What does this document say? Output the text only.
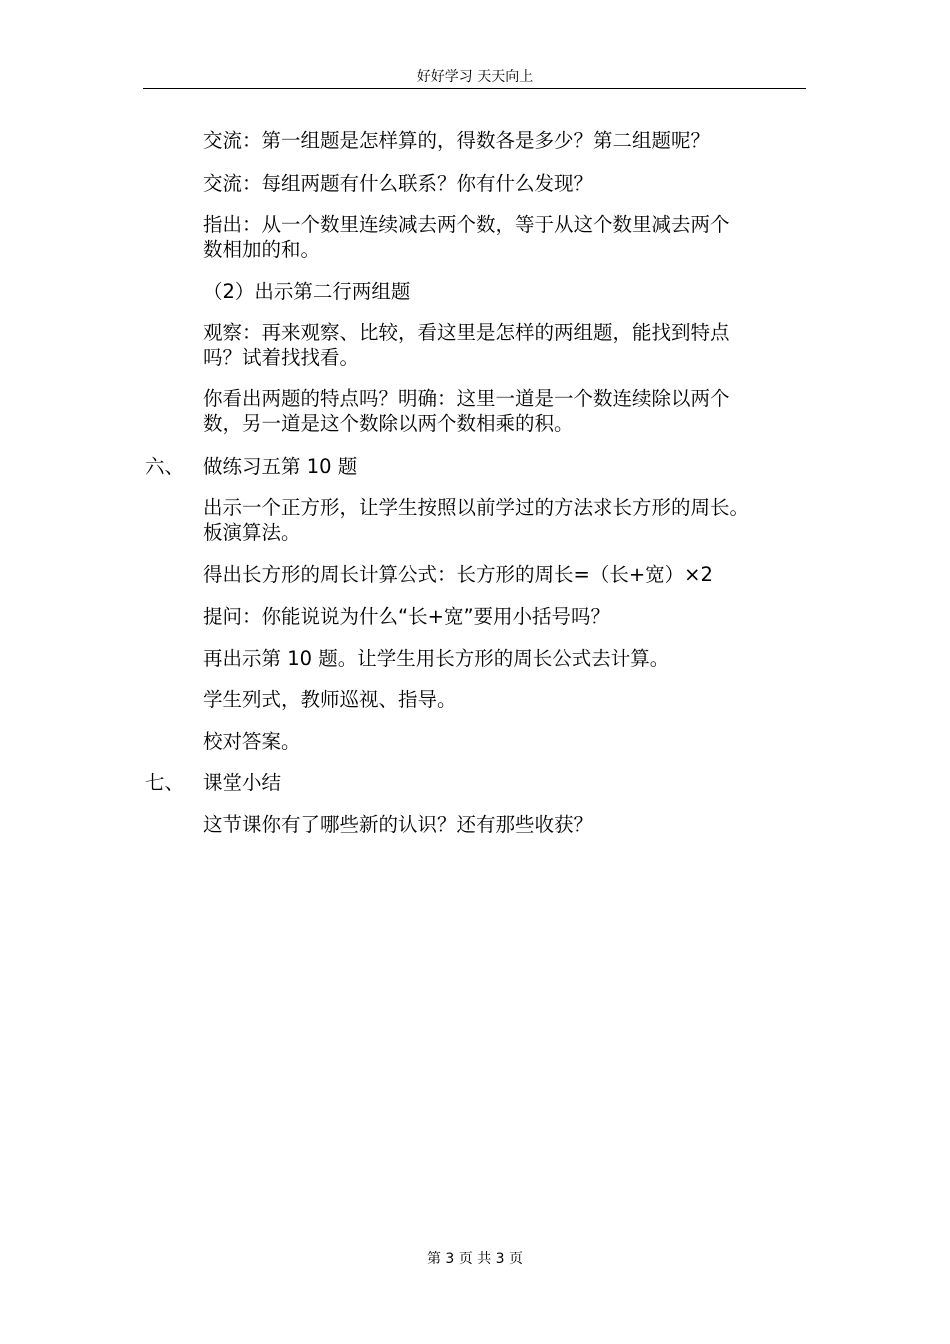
好好学习 天天向上

交流：第一组题是怎样算的，得数各是多少？第二组题呢？

交流：每组两题有什么联系？你有什么发现？

指出：从一个数里连续减去两个数，等于从这个数里减去两个
数相加的和。

（2）出示第二行两组题

观察：再来观察、比较，看这里是怎样的两组题，能找到特点
吗？试着找找看。

你看出两题的特点吗？明确：这里一道是一个数连续除以两个
数，另一道是这个数除以两个数相乘的积。

六、 做练习五第 10 题

出示一个正方形，让学生按照以前学过的方法求长方形的周长。
板演算法。

得出长方形的周长计算公式：长方形的周长=（长+宽）×2

提问：你能说说为什么“长+宽”要用小括号吗？

再出示第 10 题。让学生用长方形的周长公式去计算。

学生列式，教师巡视、指导。

校对答案。

七、 课堂小结

这节课你有了哪些新的认识？还有那些收获？

第 3 页 共 3 页
